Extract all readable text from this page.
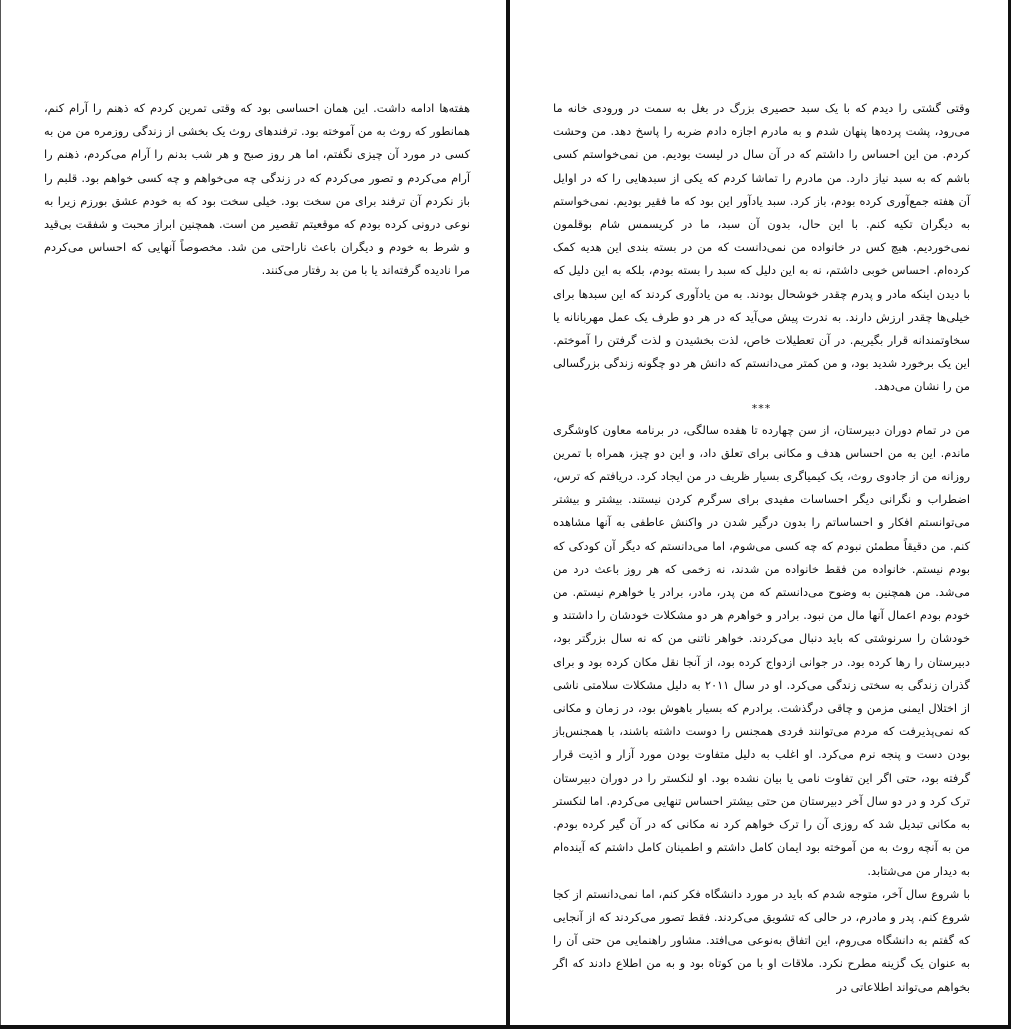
هفته‌ها ادامه داشت. این همان احساسی بود که وقتی تمرین کردم که ذهنم را آرام کنم، همانطور که روث به من آموخته بود. ترفندهای روث یک بخشی از زندگی روزمره من من به کسی در مورد آن چیزی نگفتم، اما هر روز صبح و هر شب بدنم را آرام می‌کردم، ذهنم را آرام می‌کردم و تصور می‌کردم که در زندگی چه می‌خواهم و چه کسی خواهم بود. قلبم را باز نکردم آن ترفند برای من سخت بود. خیلی سخت بود که به خودم عشق بورزم زیرا به نوعی درونی کرده بودم که موقعیتم تقصیر من است. همچنین ابراز محبت و شفقت بی‌قید و شرط به خودم و دیگران باعث ناراحتی من شد. مخصوصاً آنهایی که احساس می‌کردم مرا نادیده گرفته‌اند یا با من بد رفتار می‌کنند.

وقتی گشتی را دیدم که با یک سبد حصیری بزرگ در بغل به سمت در ورودی خانه ما می‌رود، پشت پرده‌ها پنهان شدم و به مادرم اجازه دادم ضربه را پاسخ دهد. من وحشت کردم. من این احساس را داشتم که در آن سال در لیست بودیم. من نمی‌خواستم کسی باشم که به سبد نیاز دارد. من مادرم را تماشا کردم که یکی از سبدهایی را که در اوایل آن هفته جمع‌آوری کرده بودم، باز کرد. سبد یادآور این بود که ما فقیر بودیم. نمی‌خواستم به دیگران تکیه کنم. با این حال، بدون آن سبد، ما در کریسمس شام بوقلمون نمی‌خوردیم. هیچ کس در خانواده من نمی‌دانست که من در بسته بندی این هدیه کمک کرده‌ام. احساس خوبی داشتم، نه به این دلیل که سبد را بسته بودم، بلکه به این دلیل که با دیدن اینکه مادر و پدرم چقدر خوشحال بودند. به من یادآوری کردند که این سبدها برای خیلی‌ها چقدر ارزش دارند. به ندرت پیش می‌آید که در هر دو طرف یک عمل مهربانانه یا سخاوتمندانه قرار بگیریم. در آن تعطیلات خاص، لذت بخشیدن و لذت گرفتن را آموختم. این یک برخورد شدید بود، و من کمتر می‌دانستم که دانش هر دو چگونه زندگی بزرگسالی من را نشان می‌دهد.

***

من در تمام دوران دبیرستان، از سن چهارده تا هفده سالگی، در برنامه معاون کاوشگری ماندم. این به من احساس هدف و مکانی برای تعلق داد، و این دو چیز، همراه با تمرین روزانه من از جادوی روث، یک کیمیاگری بسیار ظریف در من ایجاد کرد. دریافتم که ترس، اضطراب و نگرانی دیگر احساسات مفیدی برای سرگرم کردن نیستند. بیشتر و بیشتر می‌توانستم افکار و احساساتم را بدون درگیر شدن در واکنش عاطفی به آنها مشاهده کنم. من دقیقاً مطمئن نبودم که چه کسی می‌شوم، اما می‌دانستم که دیگر آن کودکی که بودم نیستم. خانواده من فقط خانواده من شدند، نه زخمی که هر روز باعث درد من می‌شد. من همچنین به وضوح می‌دانستم که من پدر، مادر، برادر یا خواهرم نیستم. من خودم بودم اعمال آنها مال من نبود. برادر و خواهرم هر دو مشکلات خودشان را داشتند و خودشان را سرنوشتی که باید دنبال می‌کردند. خواهر ناتنی من که نه سال بزرگتر بود، دبیرستان را رها کرده بود. در جوانی ازدواج کرده بود، از آنجا نقل مکان کرده بود و برای گذران زندگی به سختی زندگی می‌کرد. او در سال ۲۰۱۱ به دلیل مشکلات سلامتی ناشی از اختلال ایمنی مزمن و چاقی درگذشت. برادرم که بسیار باهوش بود، در زمان و مکانی که نمی‌پذیرفت که مردم می‌توانند فردی همجنس را دوست داشته باشند، با همجنس‌باز بودن دست و پنجه نرم می‌کرد. او اغلب به دلیل متفاوت بودن مورد آزار و اذیت قرار گرفته بود، حتی اگر این تفاوت نامی یا بیان نشده بود. او لنکستر را در دوران دبیرستان ترک کرد و در دو سال آخر دبیرستان من حتی بیشتر احساس تنهایی می‌کردم. اما لنکستر به مکانی تبدیل شد که روزی آن را ترک خواهم کرد نه مکانی که در آن گیر کرده بودم. من به آنچه روث به من آموخته بود ایمان کامل داشتم و اطمینان کامل داشتم که آینده‌ام به دیدار من می‌شتابد.

با شروع سال آخر، متوجه شدم که باید در مورد دانشگاه فکر کنم، اما نمی‌دانستم از کجا شروع کنم. پدر و مادرم، در حالی که تشویق می‌کردند. فقط تصور می‌کردند که از آنجایی که گفتم به دانشگاه می‌روم، این اتفاق به‌نوعی می‌افتد. مشاور راهنمایی من حتی آن را به عنوان یک گزینه مطرح نکرد. ملاقات او با من کوتاه بود و به من اطلاع دادند که اگر بخواهم می‌تواند اطلاعاتی در
